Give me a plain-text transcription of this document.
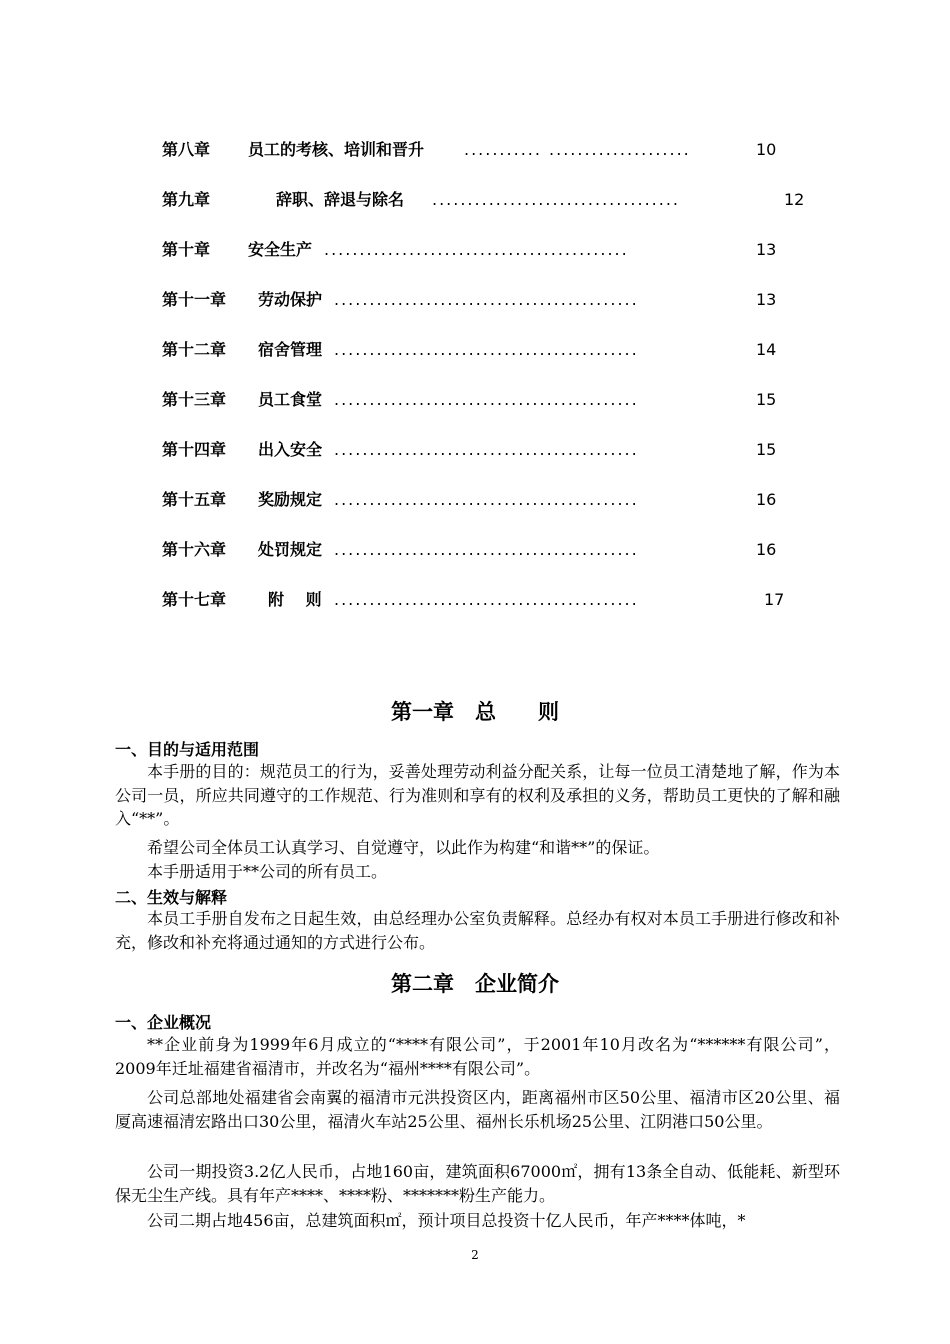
第八章 员工的考核、培训和晋升 ........... ....................	10
第九章	辞职、辞退与除名 ...................................	12
第十章 安全生产 ...........................................	13
第十一章 劳动保护 ...........................................	13
第十二章 宿舍管理 ...........................................	14
第十三章 员工食堂 ...........................................	15
第十四章 出入安全 ...........................................	15
第十五章 奖励规定 ...........................................	16
第十六章 处罚规定 ...........................................	16
第十七章	附　 则 ...........................................	17
第一章　总　　则
一、目的与适用范围
本手册的目的：规范员工的行为，妥善处理劳动利益分配关系，让每一位员工清楚地了解，作为本公司一员，所应共同遵守的工作规范、行为准则和享有的权利及承担的义务，帮助员工更快的了解和融入“**”。
希望公司全体员工认真学习、自觉遵守，以此作为构建“和谐**”的保证。
本手册适用于**公司的所有员工。
二、生效与解释
本员工手册自发布之日起生效，由总经理办公室负责解释。总经办有权对本员工手册进行修改和补充，修改和补充将通过通知的方式进行公布。
第二章　企业简介
一、企业概况
**企业前身为1999年6月成立的“****有限公司”，于2001年10月改名为“******有限公司”，2009年迁址福建省福清市，并改名为“福州****有限公司”。
公司总部地处福建省会南翼的福清市元洪投资区内，距离福州市区50公里、福清市区20公里、福厦高速福清宏路出口30公里，福清火车站25公里、福州长乐机场25公里、江阴港口50公里。
公司一期投资3.2亿人民币，占地160亩，建筑面积67000㎡，拥有13条全自动、低能耗、新型环保无尘生产线。具有年产****、****粉、*******粉生产能力。
公司二期占地456亩，总建筑面积㎡，预计项目总投资十亿人民币，年产****体吨，*
2
